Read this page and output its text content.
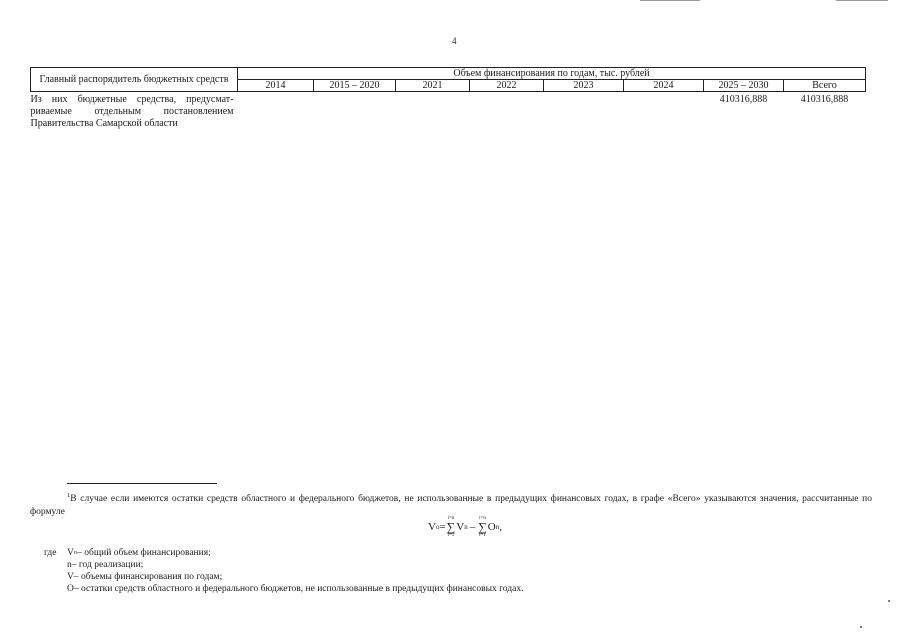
4
Главный распорядитель бюджетных средств	Объем финансирования по годам, тыс. рублей							
	2014	2015 – 2020	2021	2022	2023	2024	2025 – 2030	Всего

Из них бюджетные средства, предусмат-
риваемые отдельным постановлением
Правительства Самарской области							410316,888	410316,888
$^1$В случае если имеются остатки средств областного и федерального бюджетов, не использованные в предыдущих финансовых годах, в графе «Всего» указываются значения, рассчитанные по формуле
V o =
i=n
∑
i=1
V n –
i=n
∑
i=1
O n ,
где	V o – общий объем финансирования;
n – год реализации;
V – объемы финансирования по годам;
O – остатки средств областного и федерального бюджетов, не использованные в предыдущих финансовых годах.
